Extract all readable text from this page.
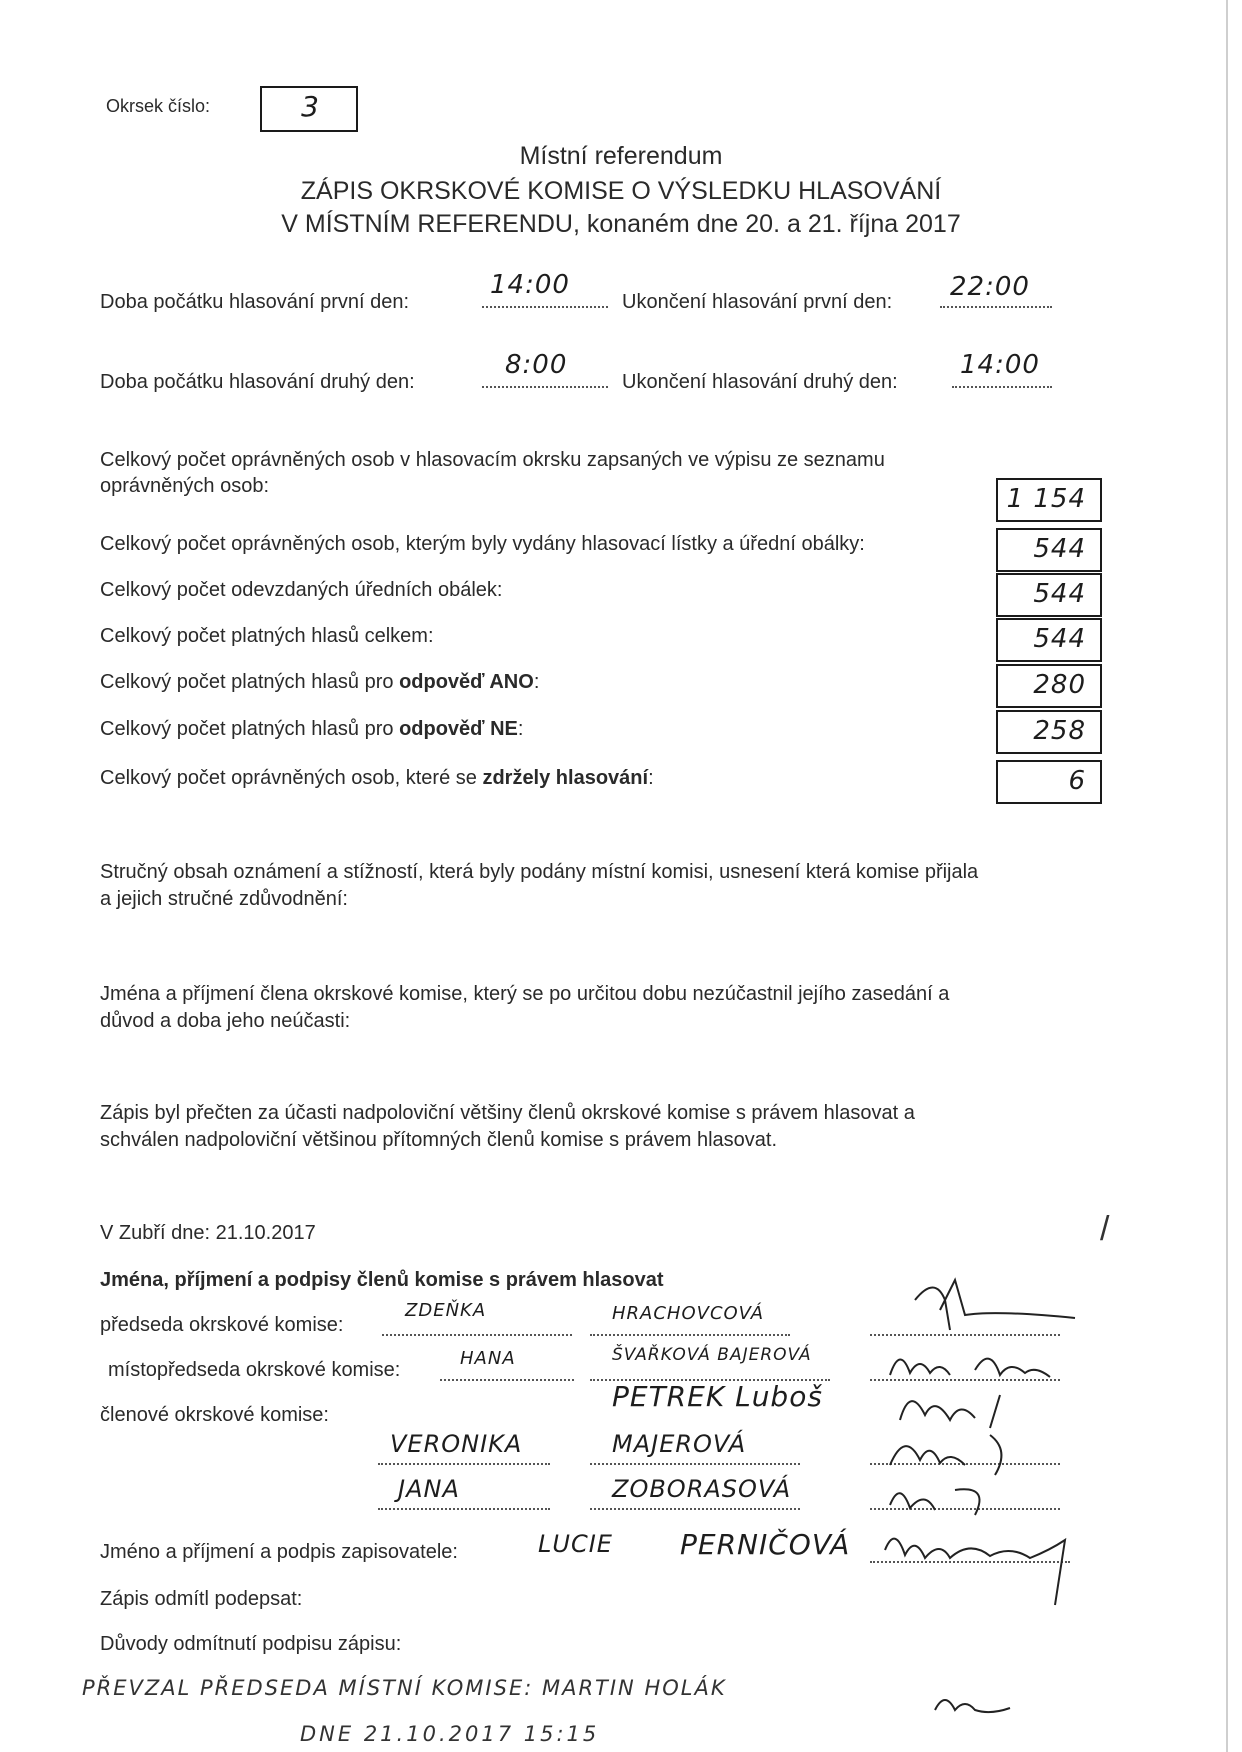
Okrsek číslo:	3
Místní referendum
ZÁPIS OKRSKOVÉ KOMISE O VÝSLEDKU HLASOVÁNÍ
V MÍSTNÍM REFERENDU, konaném dne 20. a 21. října 2017
Doba počátku hlasování první den:
14:00
Ukončení hlasování první den: 22:00
Doba počátku hlasování druhý den:
8:00
Ukončení hlasování druhý den:
14:00
Celkový počet oprávněných osob v hlasovacím okrsku zapsaných ve výpisu ze seznamu
oprávněných osob:	1 154
Celkový počet oprávněných osob, kterým byly vydány hlasovací lístky a úřední obálky:	544
Celkový počet odevzdaných úředních obálek:	544
Celkový počet platných hlasů celkem:	544
Celkový počet platných hlasů pro odpověď ANO:	280
Celkový počet platných hlasů pro odpověď NE:	258
Celkový počet oprávněných osob, které se zdržely hlasování:	6
Stručný obsah oznámení a stížností, která byly podány místní komisi, usnesení která komise přijala
a jejich stručné zdůvodnění:
Jména a příjmení člena okrskové komise, který se po určitou dobu nezúčastnil jejího zasedání a
důvod a doba jeho neúčasti:
Zápis byl přečten za účasti nadpoloviční většiny členů okrskové komise s právem hlasovat a
schválen nadpoloviční většinou přítomných členů komise s právem hlasovat.
V Zubří dne: 21.10.2017	/
Jména, příjmení a podpisy členů komise s právem hlasovat
předseda okrskové komise:
ZDEŇKA	HRACHOVCOVÁ
místopředseda okrskové komise:
HANA	ŠVAŘKOVÁ BAJEROVÁ
členové okrskové komise:
PETREK Luboš
VERONIKA	MAJEROVÁ
JANA	ZOBORASOVÁ
Jméno a příjmení a podpis zapisovatele:	LUCIE PERNIČOVÁ
Zápis odmítl podepsat:
Důvody odmítnutí podpisu zápisu:
PŘEVZAL PŘEDSEDA MÍSTNÍ KOMISE: MARTIN HOLÁK
DNE 21.10.2017 15:15
